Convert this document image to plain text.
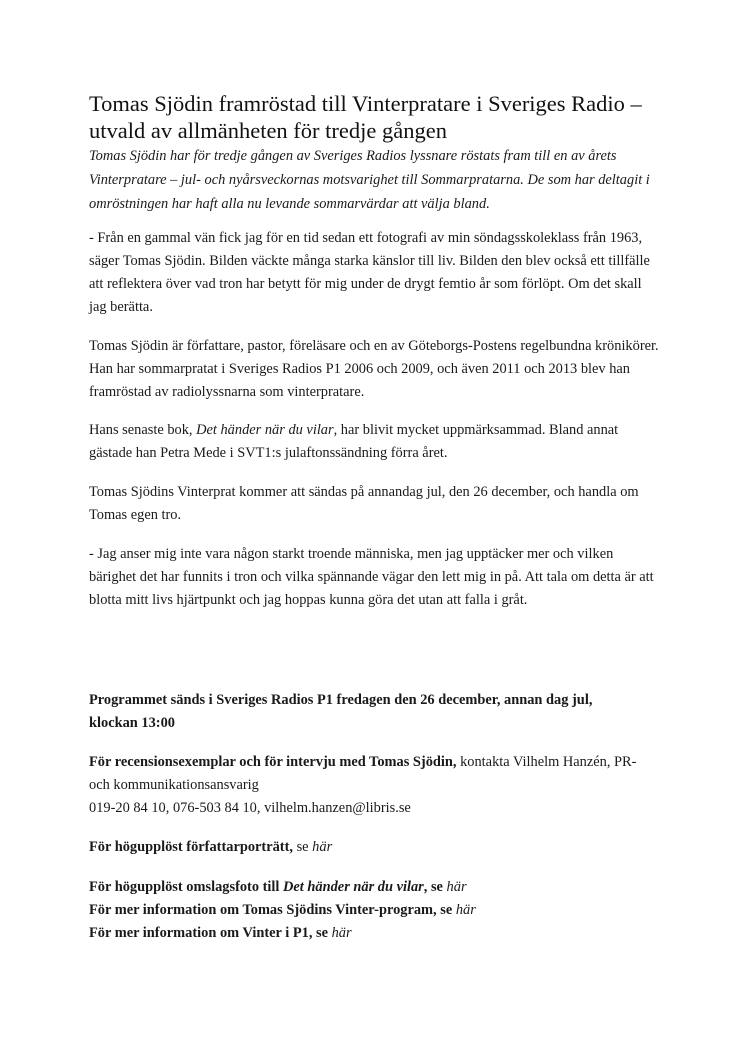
Tomas Sjödin framröstad till Vinterpratare i Sveriges Radio – utvald av allmänheten för tredje gången

Tomas Sjödin har för tredje gången av Sveriges Radios lyssnare röstats fram till en av årets Vinterpratare – jul- och nyårsveckornas motsvarighet till Sommarpratarna. De som har deltagit i omröstningen har haft alla nu levande sommarvärdar att välja bland.

- Från en gammal vän fick jag för en tid sedan ett fotografi av min söndagsskoleklass från 1963, säger Tomas Sjödin. Bilden väckte många starka känslor till liv. Bilden den blev också ett tillfälle att reflektera över vad tron har betytt för mig under de drygt femtio år som förlöpt. Om det skall jag berätta.

Tomas Sjödin är författare, pastor, föreläsare och en av Göteborgs-Postens regelbundna krönikörer. Han har sommarpratat i Sveriges Radios P1 2006 och 2009, och även 2011 och 2013 blev han framröstad av radiolyssnarna som vinterpratare.

Hans senaste bok, Det händer när du vilar, har blivit mycket uppmärksammad. Bland annat gästade han Petra Mede i SVT1:s julaftonssändning förra året.

Tomas Sjödins Vinterprat kommer att sändas på annandag jul, den 26 december, och handla om Tomas egen tro.

- Jag anser mig inte vara någon starkt troende människa, men jag upptäcker mer och vilken bärighet det har funnits i tron och vilka spännande vägar den lett mig in på. Att tala om detta är att blotta mitt livs hjärtpunkt och jag hoppas kunna göra det utan att falla i gråt.

Programmet sänds i Sveriges Radios P1 fredagen den 26 december, annan dag jul, klockan 13:00

För recensionsexemplar och för intervju med Tomas Sjödin, kontakta Vilhelm Hanzén, PR- och kommunikationsansvarig
019-20 84 10, 076-503 84 10, vilhelm.hanzen@libris.se

För högupplöst författarporträtt, se här

För högupplöst omslagsfoto till Det händer när du vilar, se här

För mer information om Tomas Sjödins Vinter-program, se här

För mer information om Vinter i P1, se här
